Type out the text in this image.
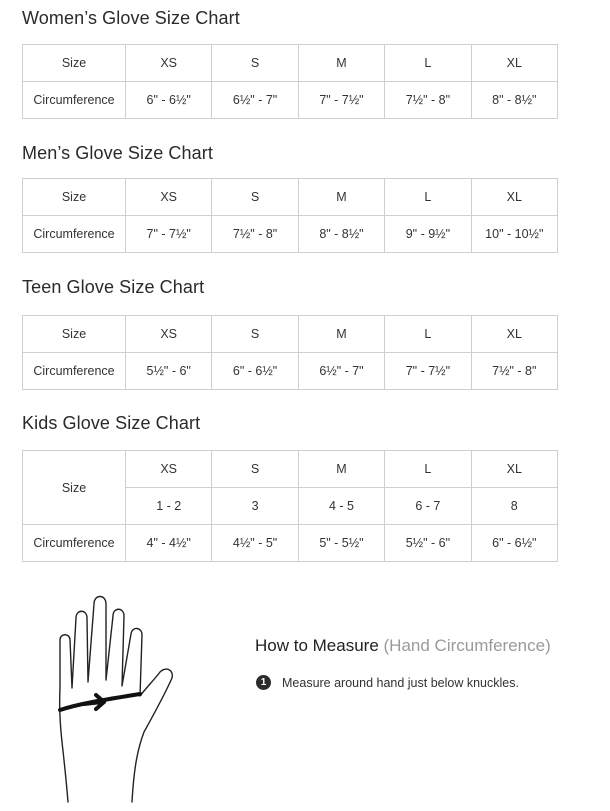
Women’s Glove Size Chart
Size	XS	S	M	L	XL
Circumference	6" - 6½"	6½" - 7"	7" - 7½"	7½" - 8"	8" - 8½"
Men’s Glove Size Chart
Size	XS	S	M	L	XL
Circumference	7" - 7½"	7½" - 8"	8" - 8½"	9" - 9½"	10" - 10½"
Teen Glove Size Chart
Size	XS	S	M	L	XL
Circumference	5½" - 6"	6" - 6½"	6½" - 7"	7" - 7½"	7½" - 8"
Kids Glove Size Chart
Size	XS	S	M	L	XL
	1 - 2	3	4 - 5	6 - 7	8
Circumference	4" - 4½"	4½" - 5"	5" - 5½"	5½" - 6"	6" - 6½"
How to Measure (Hand Circumference)
1	Measure around hand just below knuckles.
